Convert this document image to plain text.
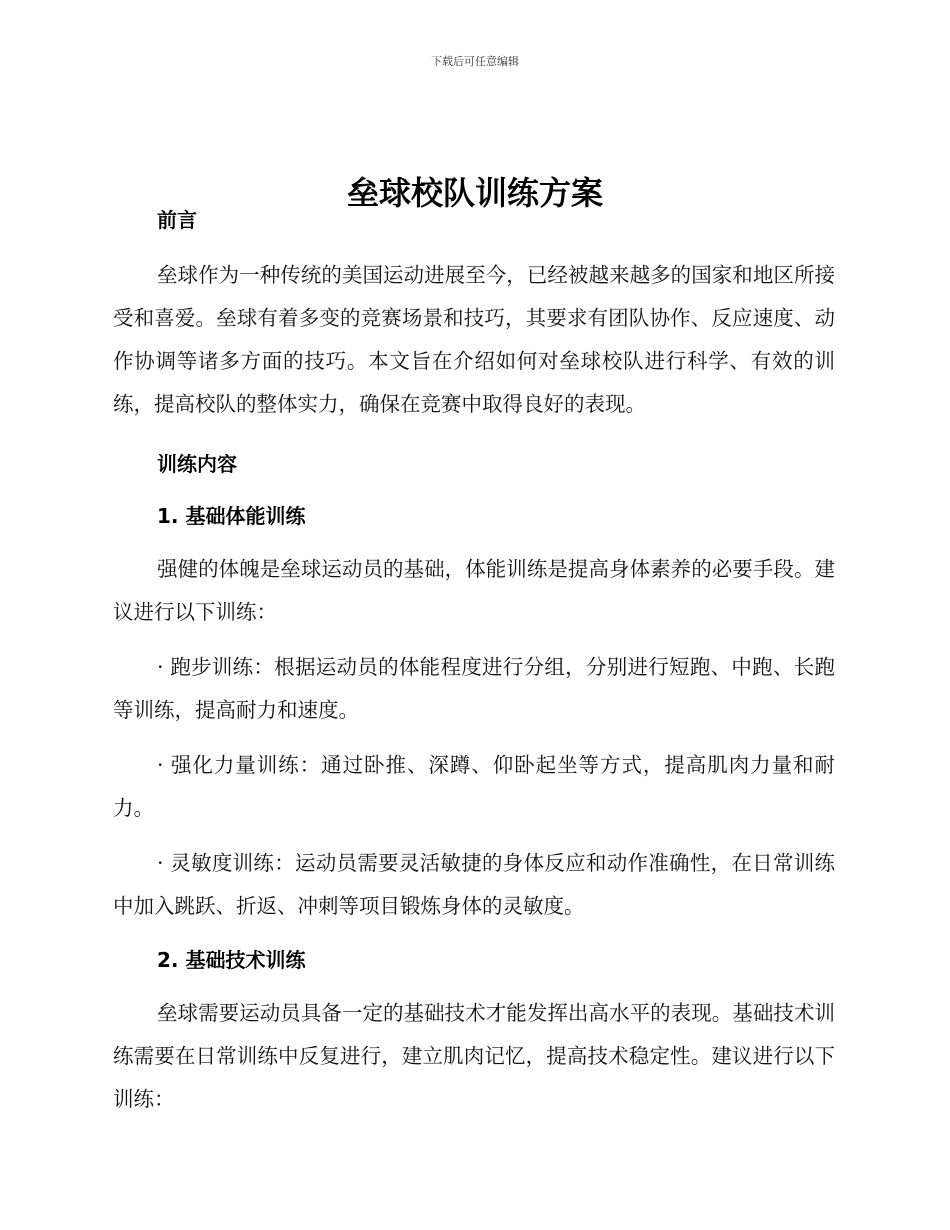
下载后可任意编辑
垒球校队训练方案

前言

垒球作为一种传统的美国运动进展至今，已经被越来越多的国家和地区所接受和喜爱。垒球有着多变的竞赛场景和技巧，其要求有团队协作、反应速度、动作协调等诸多方面的技巧。本文旨在介绍如何对垒球校队进行科学、有效的训练，提高校队的整体实力，确保在竞赛中取得良好的表现。

训练内容

1. 基础体能训练

强健的体魄是垒球运动员的基础，体能训练是提高身体素养的必要手段。建议进行以下训练：

· 跑步训练：根据运动员的体能程度进行分组，分别进行短跑、中跑、长跑等训练，提高耐力和速度。

· 强化力量训练：通过卧推、深蹲、仰卧起坐等方式，提高肌肉力量和耐力。

· 灵敏度训练：运动员需要灵活敏捷的身体反应和动作准确性，在日常训练中加入跳跃、折返、冲刺等项目锻炼身体的灵敏度。

2. 基础技术训练

垒球需要运动员具备一定的基础技术才能发挥出高水平的表现。基础技术训练需要在日常训练中反复进行，建立肌肉记忆，提高技术稳定性。建议进行以下训练：
